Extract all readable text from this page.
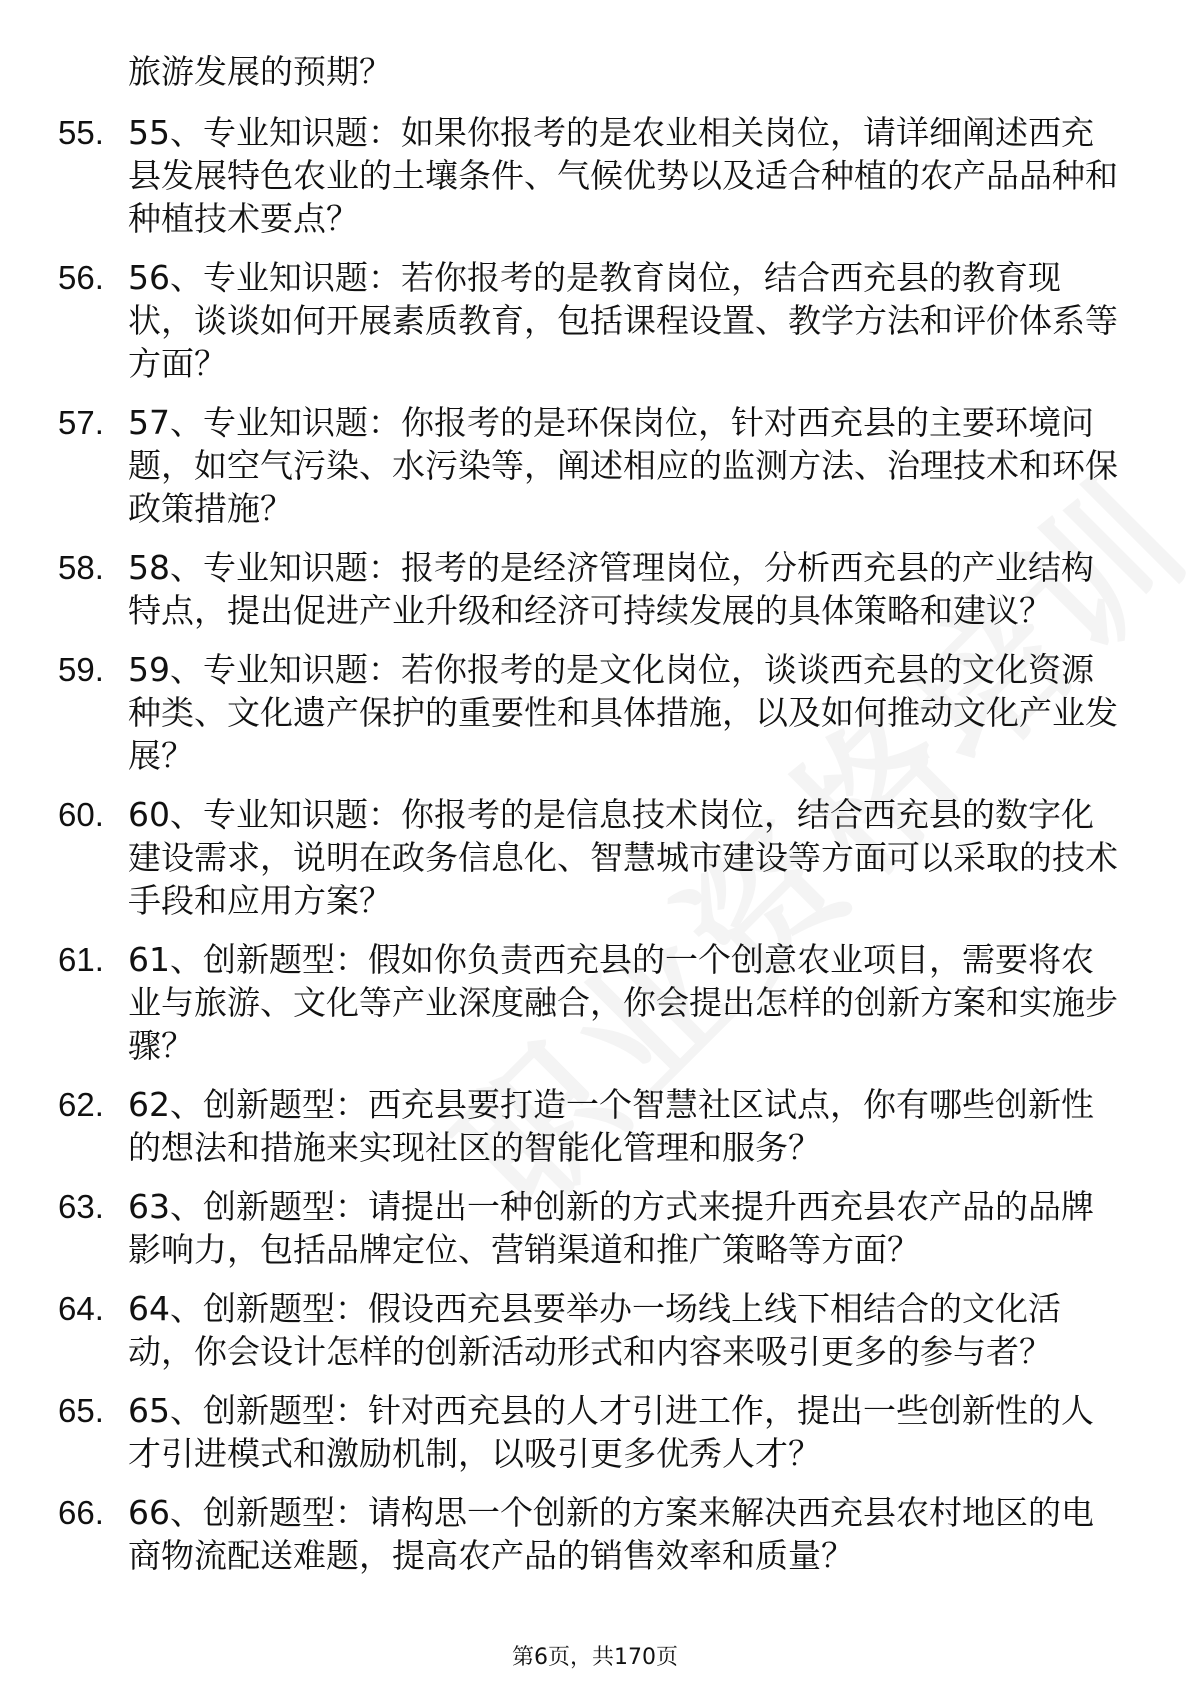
旅游发展的预期？
55. 55、专业知识题：如果你报考的是农业相关岗位，请详细阐述西充县发展特色农业的土壤条件、气候优势以及适合种植的农产品品种和种植技术要点？
56. 56、专业知识题：若你报考的是教育岗位，结合西充县的教育现状，谈谈如何开展素质教育，包括课程设置、教学方法和评价体系等方面？
57. 57、专业知识题：你报考的是环保岗位，针对西充县的主要环境问题，如空气污染、水污染等，阐述相应的监测方法、治理技术和环保政策措施？
58. 58、专业知识题：报考的是经济管理岗位，分析西充县的产业结构特点，提出促进产业升级和经济可持续发展的具体策略和建议？
59. 59、专业知识题：若你报考的是文化岗位，谈谈西充县的文化资源种类、文化遗产保护的重要性和具体措施，以及如何推动文化产业发展？
60. 60、专业知识题：你报考的是信息技术岗位，结合西充县的数字化建设需求，说明在政务信息化、智慧城市建设等方面可以采取的技术手段和应用方案？
61. 61、创新题型：假如你负责西充县的一个创意农业项目，需要将农业与旅游、文化等产业深度融合，你会提出怎样的创新方案和实施步骤？
62. 62、创新题型：西充县要打造一个智慧社区试点，你有哪些创新性的想法和措施来实现社区的智能化管理和服务？
63. 63、创新题型：请提出一种创新的方式来提升西充县农产品的品牌影响力，包括品牌定位、营销渠道和推广策略等方面？
64. 64、创新题型：假设西充县要举办一场线上线下相结合的文化活动，你会设计怎样的创新活动形式和内容来吸引更多的参与者？
65. 65、创新题型：针对西充县的人才引进工作，提出一些创新性的人才引进模式和激励机制，以吸引更多优秀人才？
66. 66、创新题型：请构思一个创新的方案来解决西充县农村地区的电商物流配送难题，提高农产品的销售效率和质量？
第6页，共170页
